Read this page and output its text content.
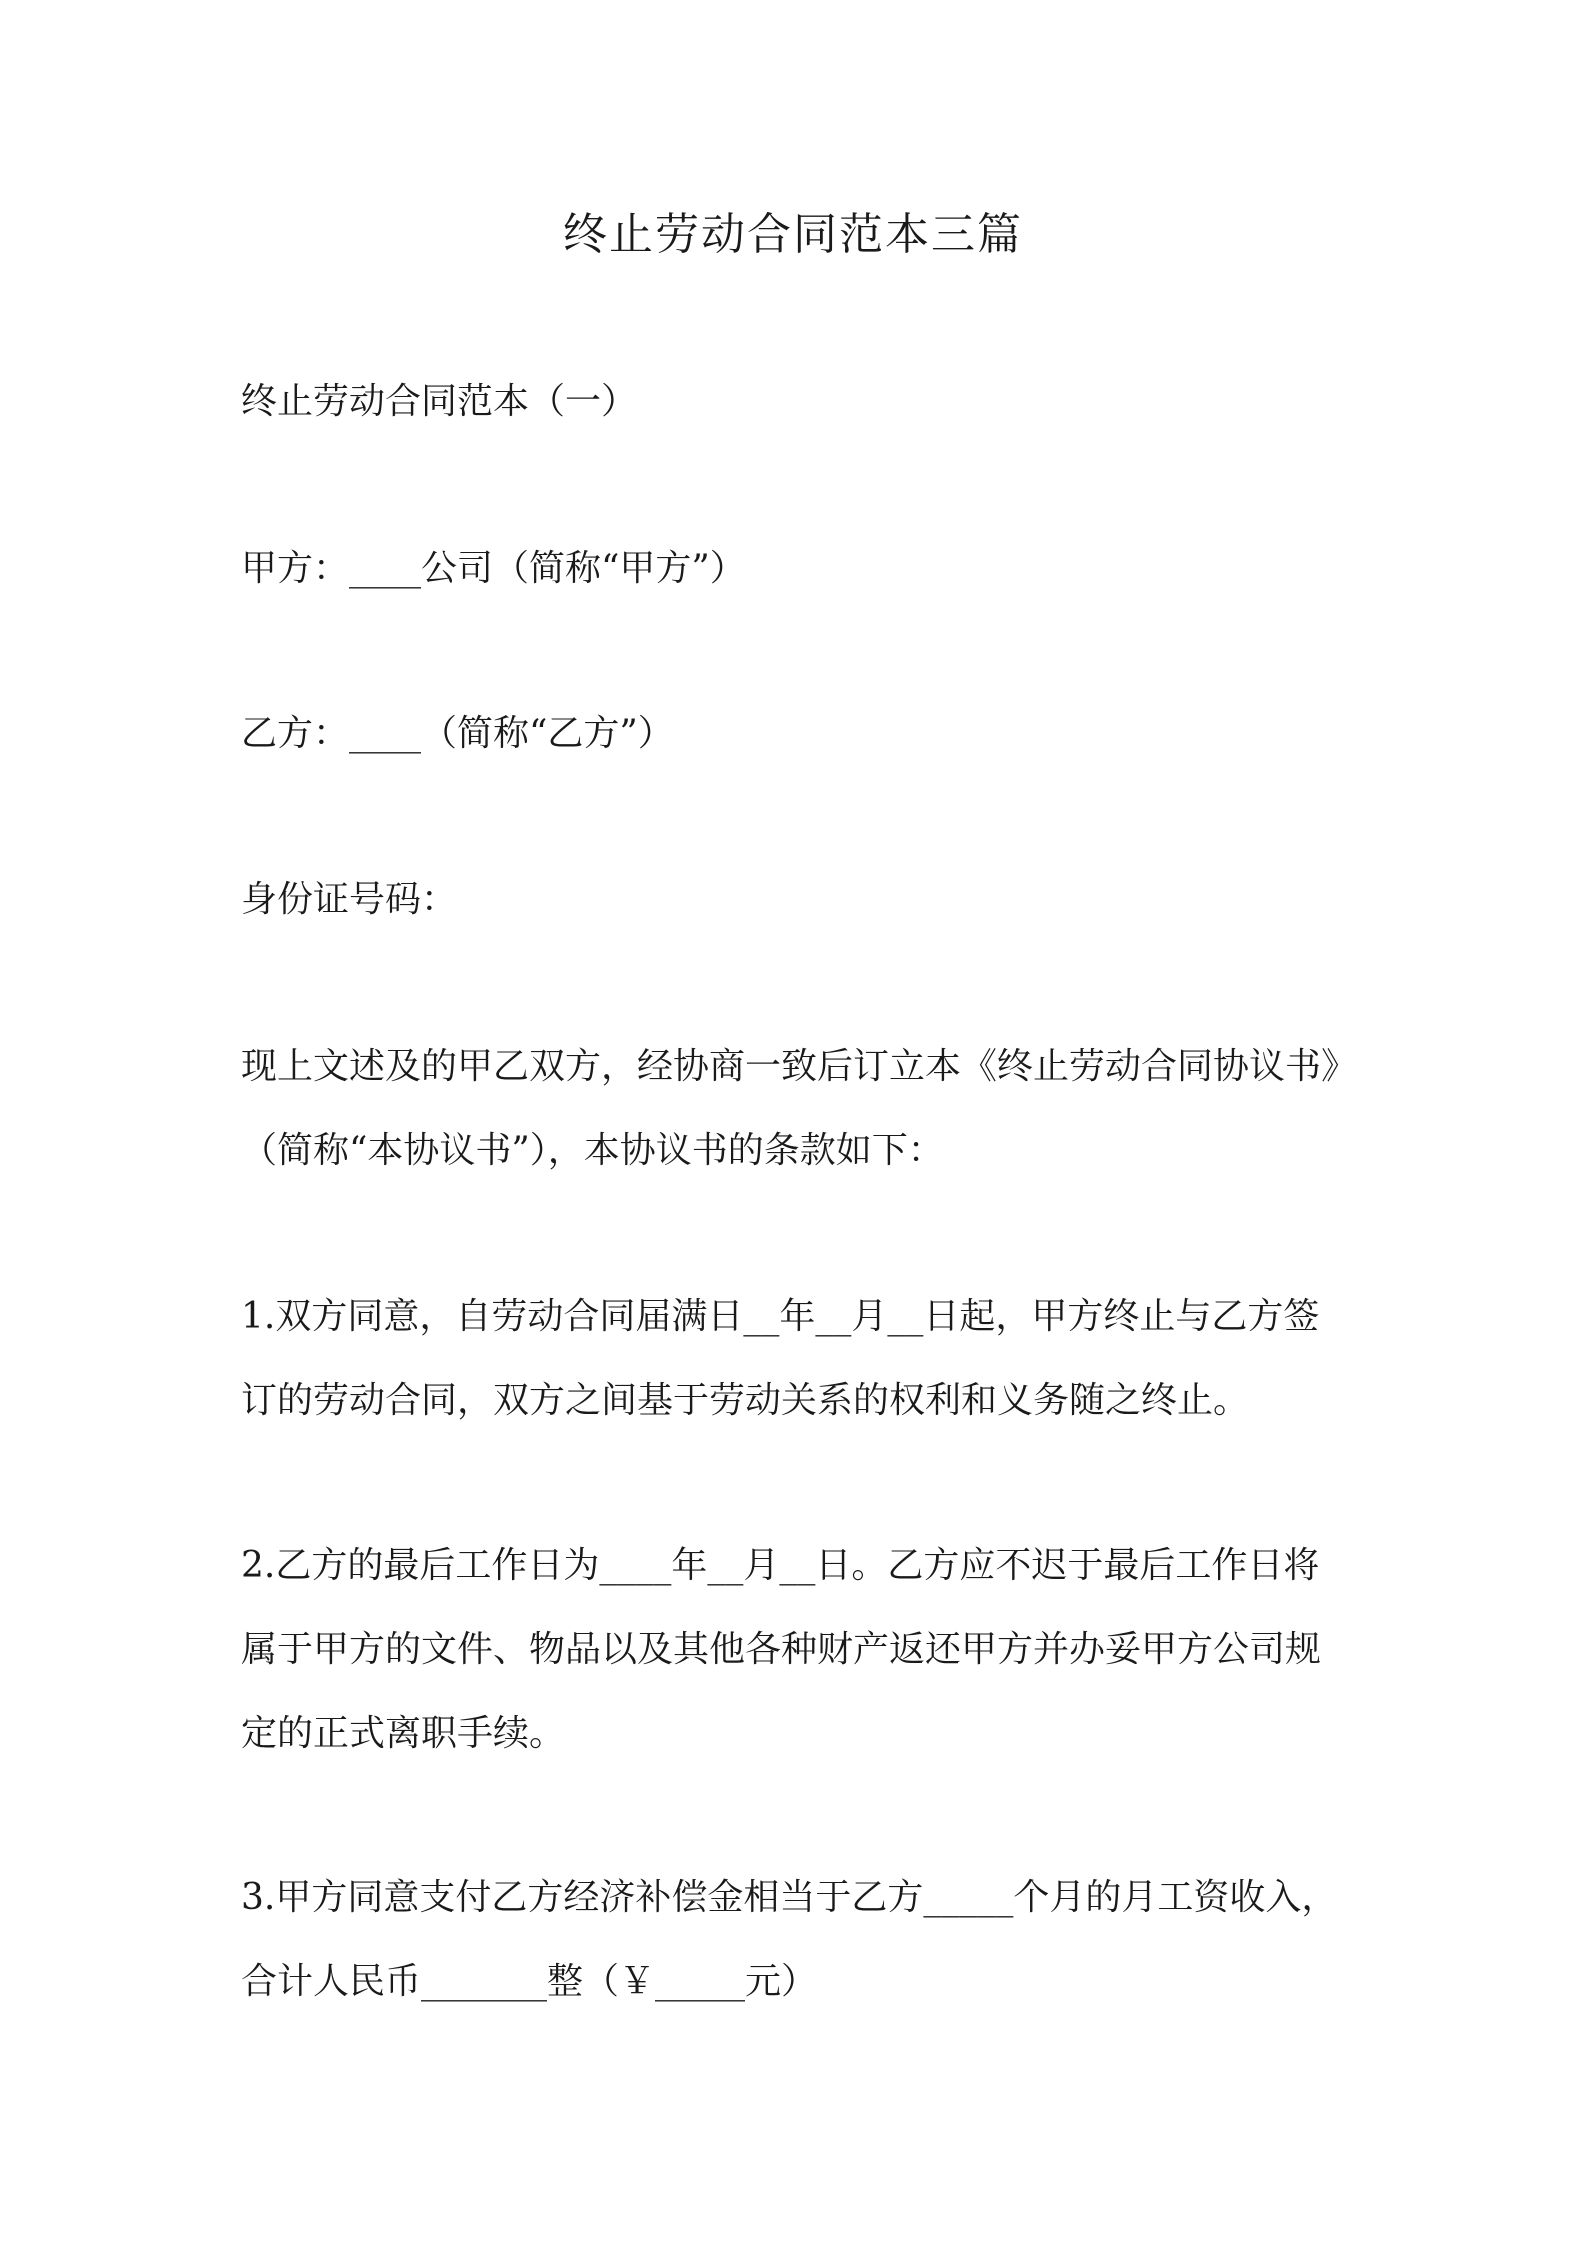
终止劳动合同范本三篇

终止劳动合同范本（一）

甲方：____公司（简称“甲方”）

乙方：____（简称“乙方”）

身份证号码：

现上文述及的甲乙双方，经协商一致后订立本《终止劳动合同协议书》
（简称“本协议书”），本协议书的条款如下：
1.双方同意，自劳动合同届满日__年__月__日起，甲方终止与乙方签
订的劳动合同，双方之间基于劳动关系的权利和义务随之终止。
2.乙方的最后工作日为____年__月__日。乙方应不迟于最后工作日将
属于甲方的文件、物品以及其他各种财产返还甲方并办妥甲方公司规
定的正式离职手续。
3.甲方同意支付乙方经济补偿金相当于乙方_____个月的月工资收入，
合计人民币_______整（￥_____元）
